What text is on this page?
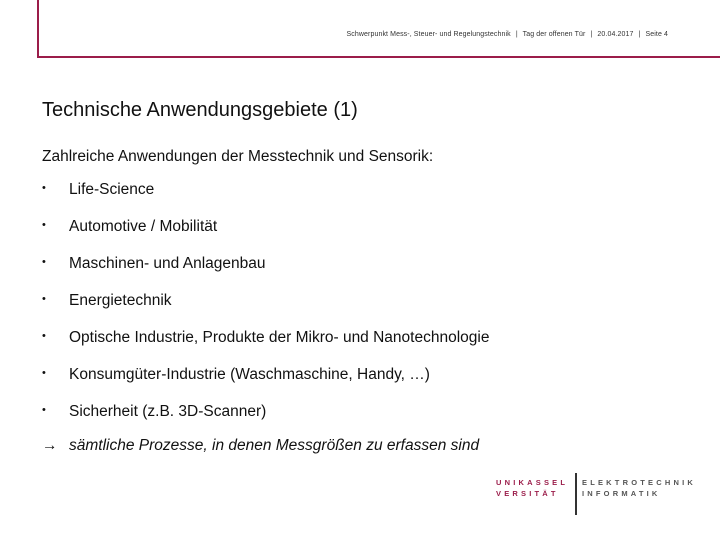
Schwerpunkt Mess-, Steuer- und Regelungstechnik | Tag der offenen Tür | 20.04.2017 | Seite 4
Technische Anwendungsgebiete (1)
Zahlreiche Anwendungen der Messtechnik und Sensorik:
• Life-Science
• Automotive / Mobilität
• Maschinen- und Anlagenbau
• Energietechnik
• Optische Industrie, Produkte der Mikro- und Nanotechnologie
• Konsumgüter-Industrie (Waschmaschine, Handy, …)
• Sicherheit (z.B. 3D-Scanner)
→ sämtliche Prozesse, in denen Messgrößen zu erfassen sind
UNIKASSEL
VERSITÄT
ELEKTROTECHNIK
INFORMATIK
